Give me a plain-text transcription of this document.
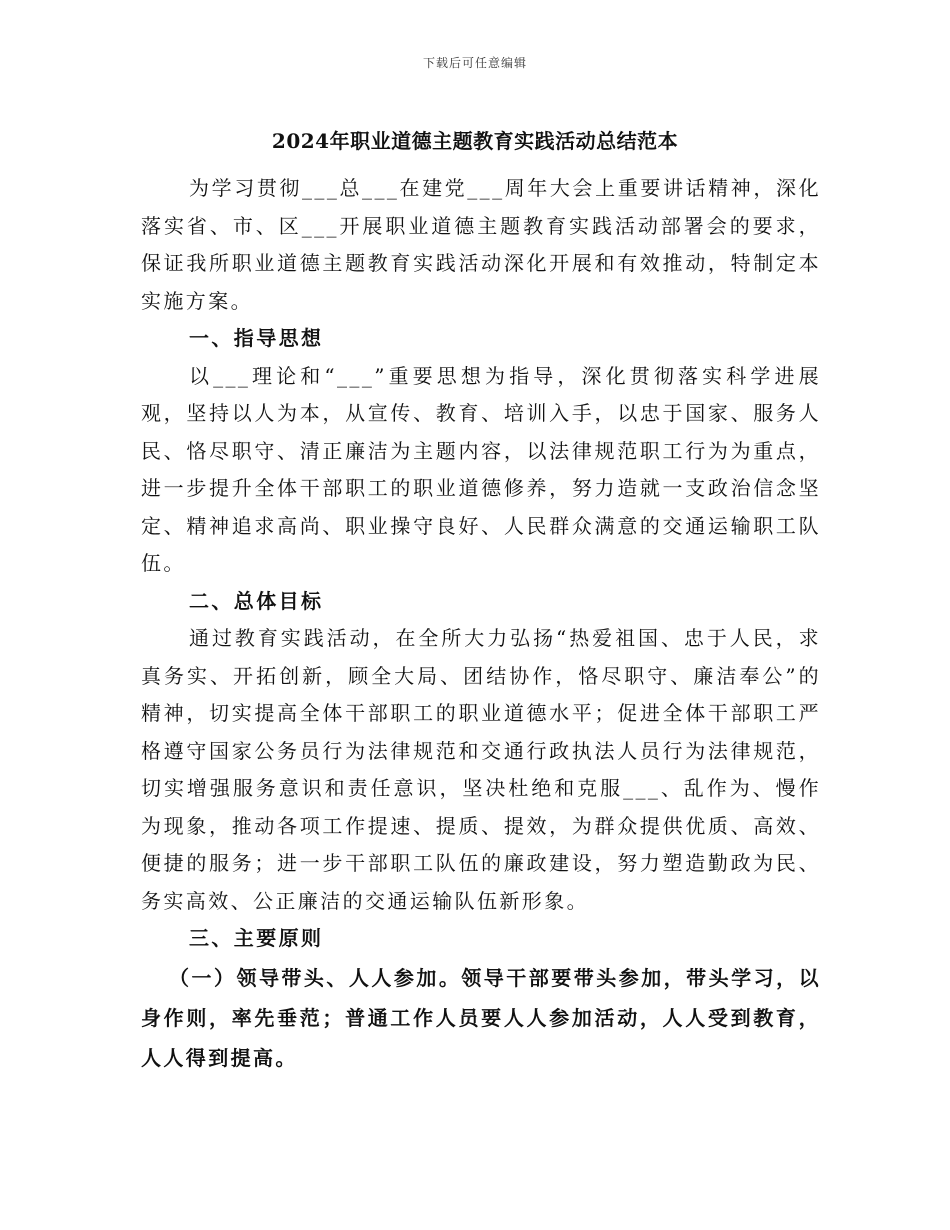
下载后可任意编辑
2024年职业道德主题教育实践活动总结范本

为学习贯彻___总___在建党___周年大会上重要讲话精神，深化落实省、市、区___开展职业道德主题教育实践活动部署会的要求，保证我所职业道德主题教育实践活动深化开展和有效推动，特制定本实施方案。

一、指导思想

以___理论和“___”重要思想为指导，深化贯彻落实科学进展观，坚持以人为本，从宣传、教育、培训入手，以忠于国家、服务人民、恪尽职守、清正廉洁为主题内容，以法律规范职工行为为重点，进一步提升全体干部职工的职业道德修养，努力造就一支政治信念坚定、精神追求高尚、职业操守良好、人民群众满意的交通运输职工队伍。

二、总体目标

通过教育实践活动，在全所大力弘扬“热爱祖国、忠于人民，求真务实、开拓创新，顾全大局、团结协作，恪尽职守、廉洁奉公”的精神，切实提高全体干部职工的职业道德水平；促进全体干部职工严格遵守国家公务员行为法律规范和交通行政执法人员行为法律规范，切实增强服务意识和责任意识，坚决杜绝和克服___、乱作为、慢作为现象，推动各项工作提速、提质、提效，为群众提供优质、高效、便捷的服务；进一步干部职工队伍的廉政建设，努力塑造勤政为民、务实高效、公正廉洁的交通运输队伍新形象。

三、主要原则

（一）领导带头、人人参加。领导干部要带头参加，带头学习，以身作则，率先垂范；普通工作人员要人人参加活动，人人受到教育，人人得到提高。
